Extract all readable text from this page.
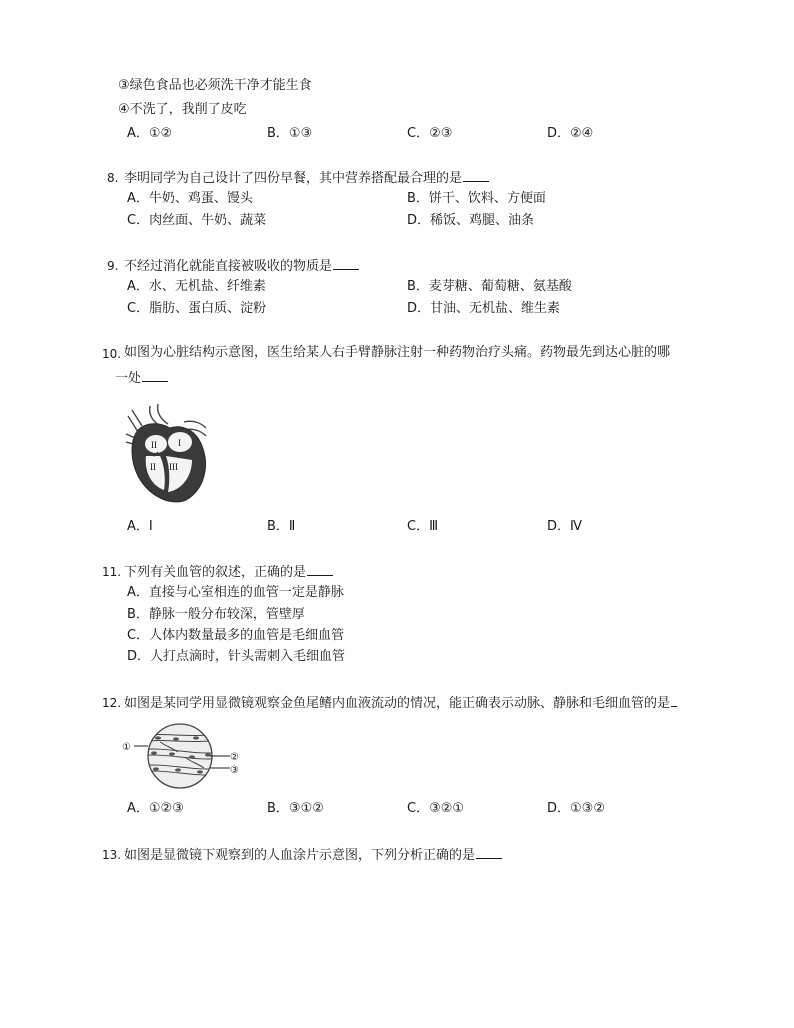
③绿色食品也必须洗干净才能生食
④不洗了，我削了皮吃
A．①②	B．①③	C．②③	D．②④
8. 李明同学为自己设计了四份早餐，其中营养搭配最合理的是
A．牛奶、鸡蛋、馒头	B．饼干、饮料、方便面
C．肉丝面、牛奶、蔬菜	D．稀饭、鸡腿、油条
9. 不经过消化就能直接被吸收的物质是
A．水、无机盐、纤维素	B．麦芽糖、葡萄糖、氨基酸
C．脂肪、蛋白质、淀粉	D．甘油、无机盐、维生素
10. 如图为心脏结构示意图，医生给某人右手臂静脉注射一种药物治疗头痛。药物最先到达心脏的哪
一处
II I
II III
A．Ⅰ	B．Ⅱ	C．Ⅲ	D．Ⅳ
11. 下列有关血管的叙述，正确的是
A．直接与心室相连的血管一定是静脉
B．静脉一般分布较深，管壁厚
C．人体内数量最多的血管是毛细血管
D．人打点滴时，针头需刺入毛细血管
12. 如图是某同学用显微镜观察金鱼尾鳍内血液流动的情况，能正确表示动脉、静脉和毛细血管的是
①
②
③
A．①②③	B．③①②	C．③②①	D．①③②
13. 如图是显微镜下观察到的人血涂片示意图，下列分析正确的是
